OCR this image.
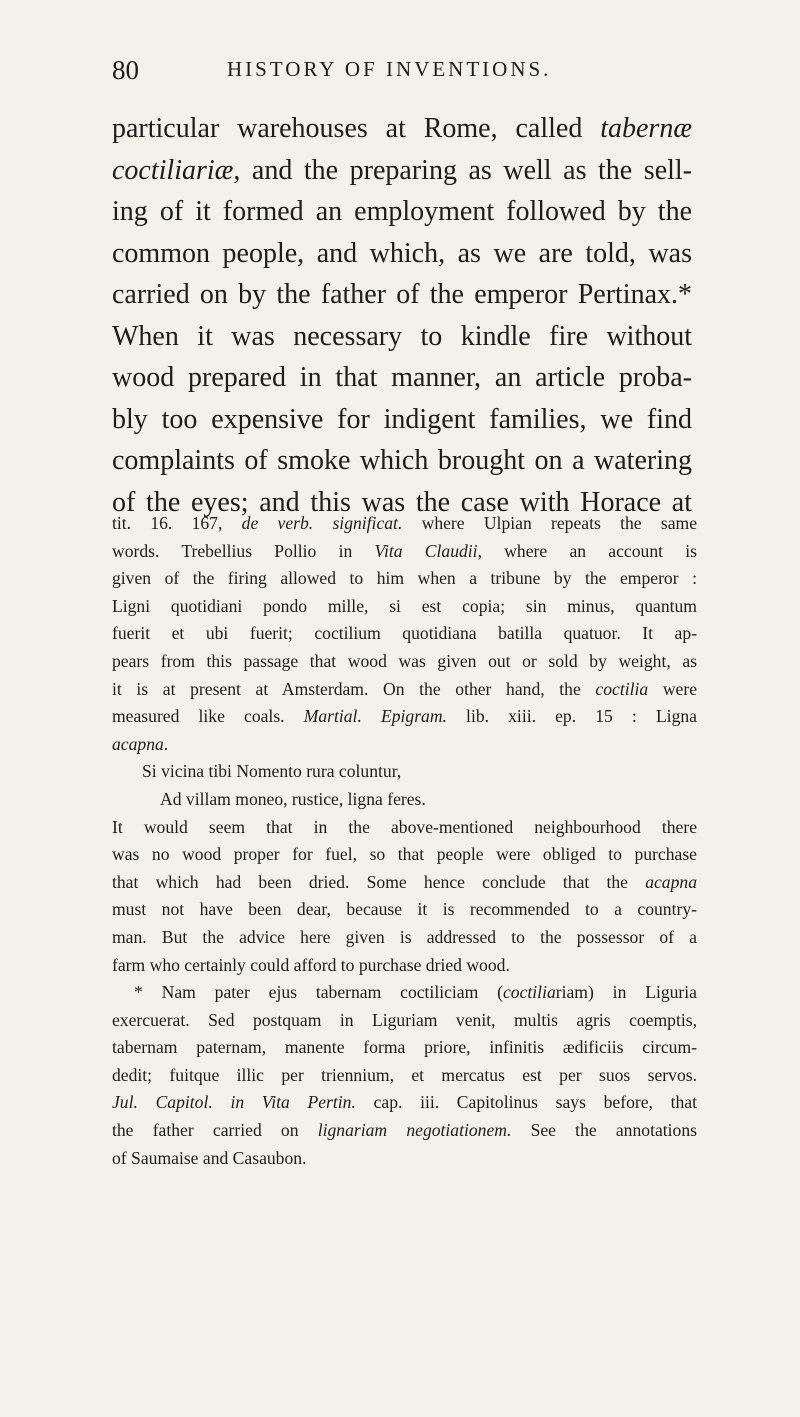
80	HISTORY OF INVENTIONS.

particular warehouses at Rome, called tabernæ
coctiliariæ, and the preparing as well as the sell-
ing of it formed an employment followed by the
common people, and which, as we are told, was
carried on by the father of the emperor Pertinax.*
When it was necessary to kindle fire without
wood prepared in that manner, an article proba-
bly too expensive for indigent families, we find
complaints of smoke which brought on a watering
of the eyes; and this was the case with Horace at

tit. 16. 167, de verb. significat. where Ulpian repeats the same
words. Trebellius Pollio in Vita Claudii, where an account is
given of the firing allowed to him when a tribune by the emperor :
Ligni quotidiani pondo mille, si est copia; sin minus, quantum
fuerit et ubi fuerit; coctilium quotidiana batilla quatuor. It ap-
pears from this passage that wood was given out or sold by weight, as
it is at present at Amsterdam. On the other hand, the coctilia were
measured like coals. Martial. Epigram. lib. xiii. ep. 15 : Ligna
acapna.
Si vicina tibi Nomento rura coluntur,
Ad villam moneo, rustice, ligna feres.
It would seem that in the above-mentioned neighbourhood there
was no wood proper for fuel, so that people were obliged to purchase
that which had been dried. Some hence conclude that the acapna
must not have been dear, because it is recommended to a country-
man. But the advice here given is addressed to the possessor of a
farm who certainly could afford to purchase dried wood.
* Nam pater ejus tabernam coctiliciam (coctiliariam) in Liguria
exercuerat. Sed postquam in Liguriam venit, multis agris coemptis,
tabernam paternam, manente forma priore, infinitis ædificiis circum-
dedit; fuitque illic per triennium, et mercatus est per suos servos.
Jul. Capitol. in Vita Pertin. cap. iii. Capitolinus says before, that
the father carried on lignariam negotiationem. See the annotations
of Saumaise and Casaubon.
